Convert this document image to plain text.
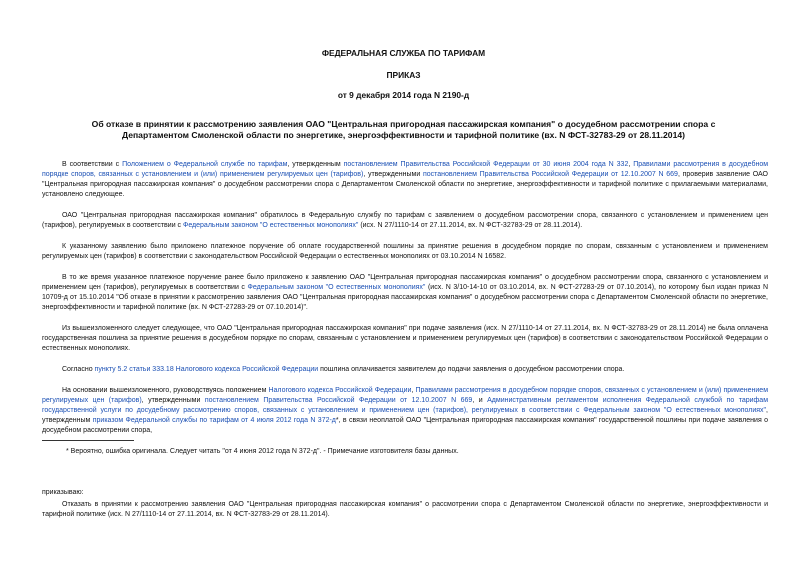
ФЕДЕРАЛЬНАЯ СЛУЖБА ПО ТАРИФАМ
ПРИКАЗ
от 9 декабря 2014 года N 2190-д
Об отказе в принятии к рассмотрению заявления ОАО "Центральная пригородная пассажирская компания" о досудебном рассмотрении спора с Департаментом Смоленской области по энергетике, энергоэффективности и тарифной политике (вх. N ФСТ-32783-29 от 28.11.2014)

В соответствии с Положением о Федеральной службе по тарифам, утвержденным постановлением Правительства Российской Федерации от 30 июня 2004 года N 332, Правилами рассмотрения в досудебном порядке споров, связанных с установлением и (или) применением регулируемых цен (тарифов), утвержденными постановлением Правительства Российской Федерации от 12.10.2007 N 669, проверив заявление ОАО "Центральная пригородная пассажирская компания" о досудебном рассмотрении спора с Департаментом Смоленской области по энергетике, энергоэффективности и тарифной политике с прилагаемыми материалами, установлено следующее.

ОАО "Центральная пригородная пассажирская компания" обратилось в Федеральную службу по тарифам с заявлением о досудебном рассмотрении спора, связанного с установлением и применением цен (тарифов), регулируемых в соответствии с Федеральным законом "О естественных монополиях" (исх. N 27/1110-14 от 27.11.2014, вх. N ФСТ-32783-29 от 28.11.2014).

К указанному заявлению было приложено платежное поручение об оплате государственной пошлины за принятие решения в досудебном порядке по спорам, связанным с установлением и применением регулируемых цен (тарифов) в соответствии с законодательством Российской Федерации о естественных монополиях от 03.10.2014 N 16582.

В то же время указанное платежное поручение ранее было приложено к заявлению ОАО "Центральная пригородная пассажирская компания" о досудебном рассмотрении спора, связанного с установлением и применением цен (тарифов), регулируемых в соответствии с Федеральным законом "О естественных монополиях" (исх. N 3/10-14-10 от 03.10.2014, вх. N ФСТ-27283-29 от 07.10.2014), по которому был издан приказ N 10709-д от 15.10.2014 "Об отказе в принятии к рассмотрению заявления ОАО "Центральная пригородная пассажирская компания" о досудебном рассмотрении спора с Департаментом Смоленской области по энергетике, энергоэффективности и тарифной политике (вх. N ФСТ-27283-29 от 07.10.2014)".

Из вышеизложенного следует следующее, что ОАО "Центральная пригородная пассажирская компания" при подаче заявления (исх. N 27/1110-14 от 27.11.2014, вх. N ФСТ-32783-29 от 28.11.2014) не была оплачена государственная пошлина за принятие решения в досудебном порядке по спорам, связанным с установлением и применением регулируемых цен (тарифов) в соответствии с законодательством Российской Федерации о естественных монополиях.

Согласно пункту 5.2 статьи 333.18 Налогового кодекса Российской Федерации пошлина оплачивается заявителем до подачи заявления о досудебном рассмотрении спора.

На основании вышеизложенного, руководствуясь положением Налогового кодекса Российской Федерации, Правилами рассмотрения в досудебном порядке споров, связанных с установлением и (или) применением регулируемых цен (тарифов), утвержденными постановлением Правительства Российской Федерации от 12.10.2007 N 669, и Административным регламентом исполнения Федеральной службой по тарифам государственной услуги по досудебному рассмотрению споров, связанных с установлением и применением цен (тарифов), регулируемых в соответствии с Федеральным законом "О естественных монополиях", утвержденным приказом Федеральной службы по тарифам от 4 июля 2012 года N 372-д*, в связи неоплатой ОАО "Центральная пригородная пассажирская компания" государственной пошлины при подаче заявления о досудебном рассмотрении спора,

* Вероятно, ошибка оригинала. Следует читать "от 4 июня 2012 года N 372-д". - Примечание изготовителя базы данных.

приказываю:

Отказать в принятии к рассмотрению заявления ОАО "Центральная пригородная пассажирская компания" о рассмотрении спора с Департаментом Смоленской области по энергетике, энергоэффективности и тарифной политике (исх. N 27/1110-14 от 27.11.2014, вх. N ФСТ-32783-29 от 28.11.2014).
